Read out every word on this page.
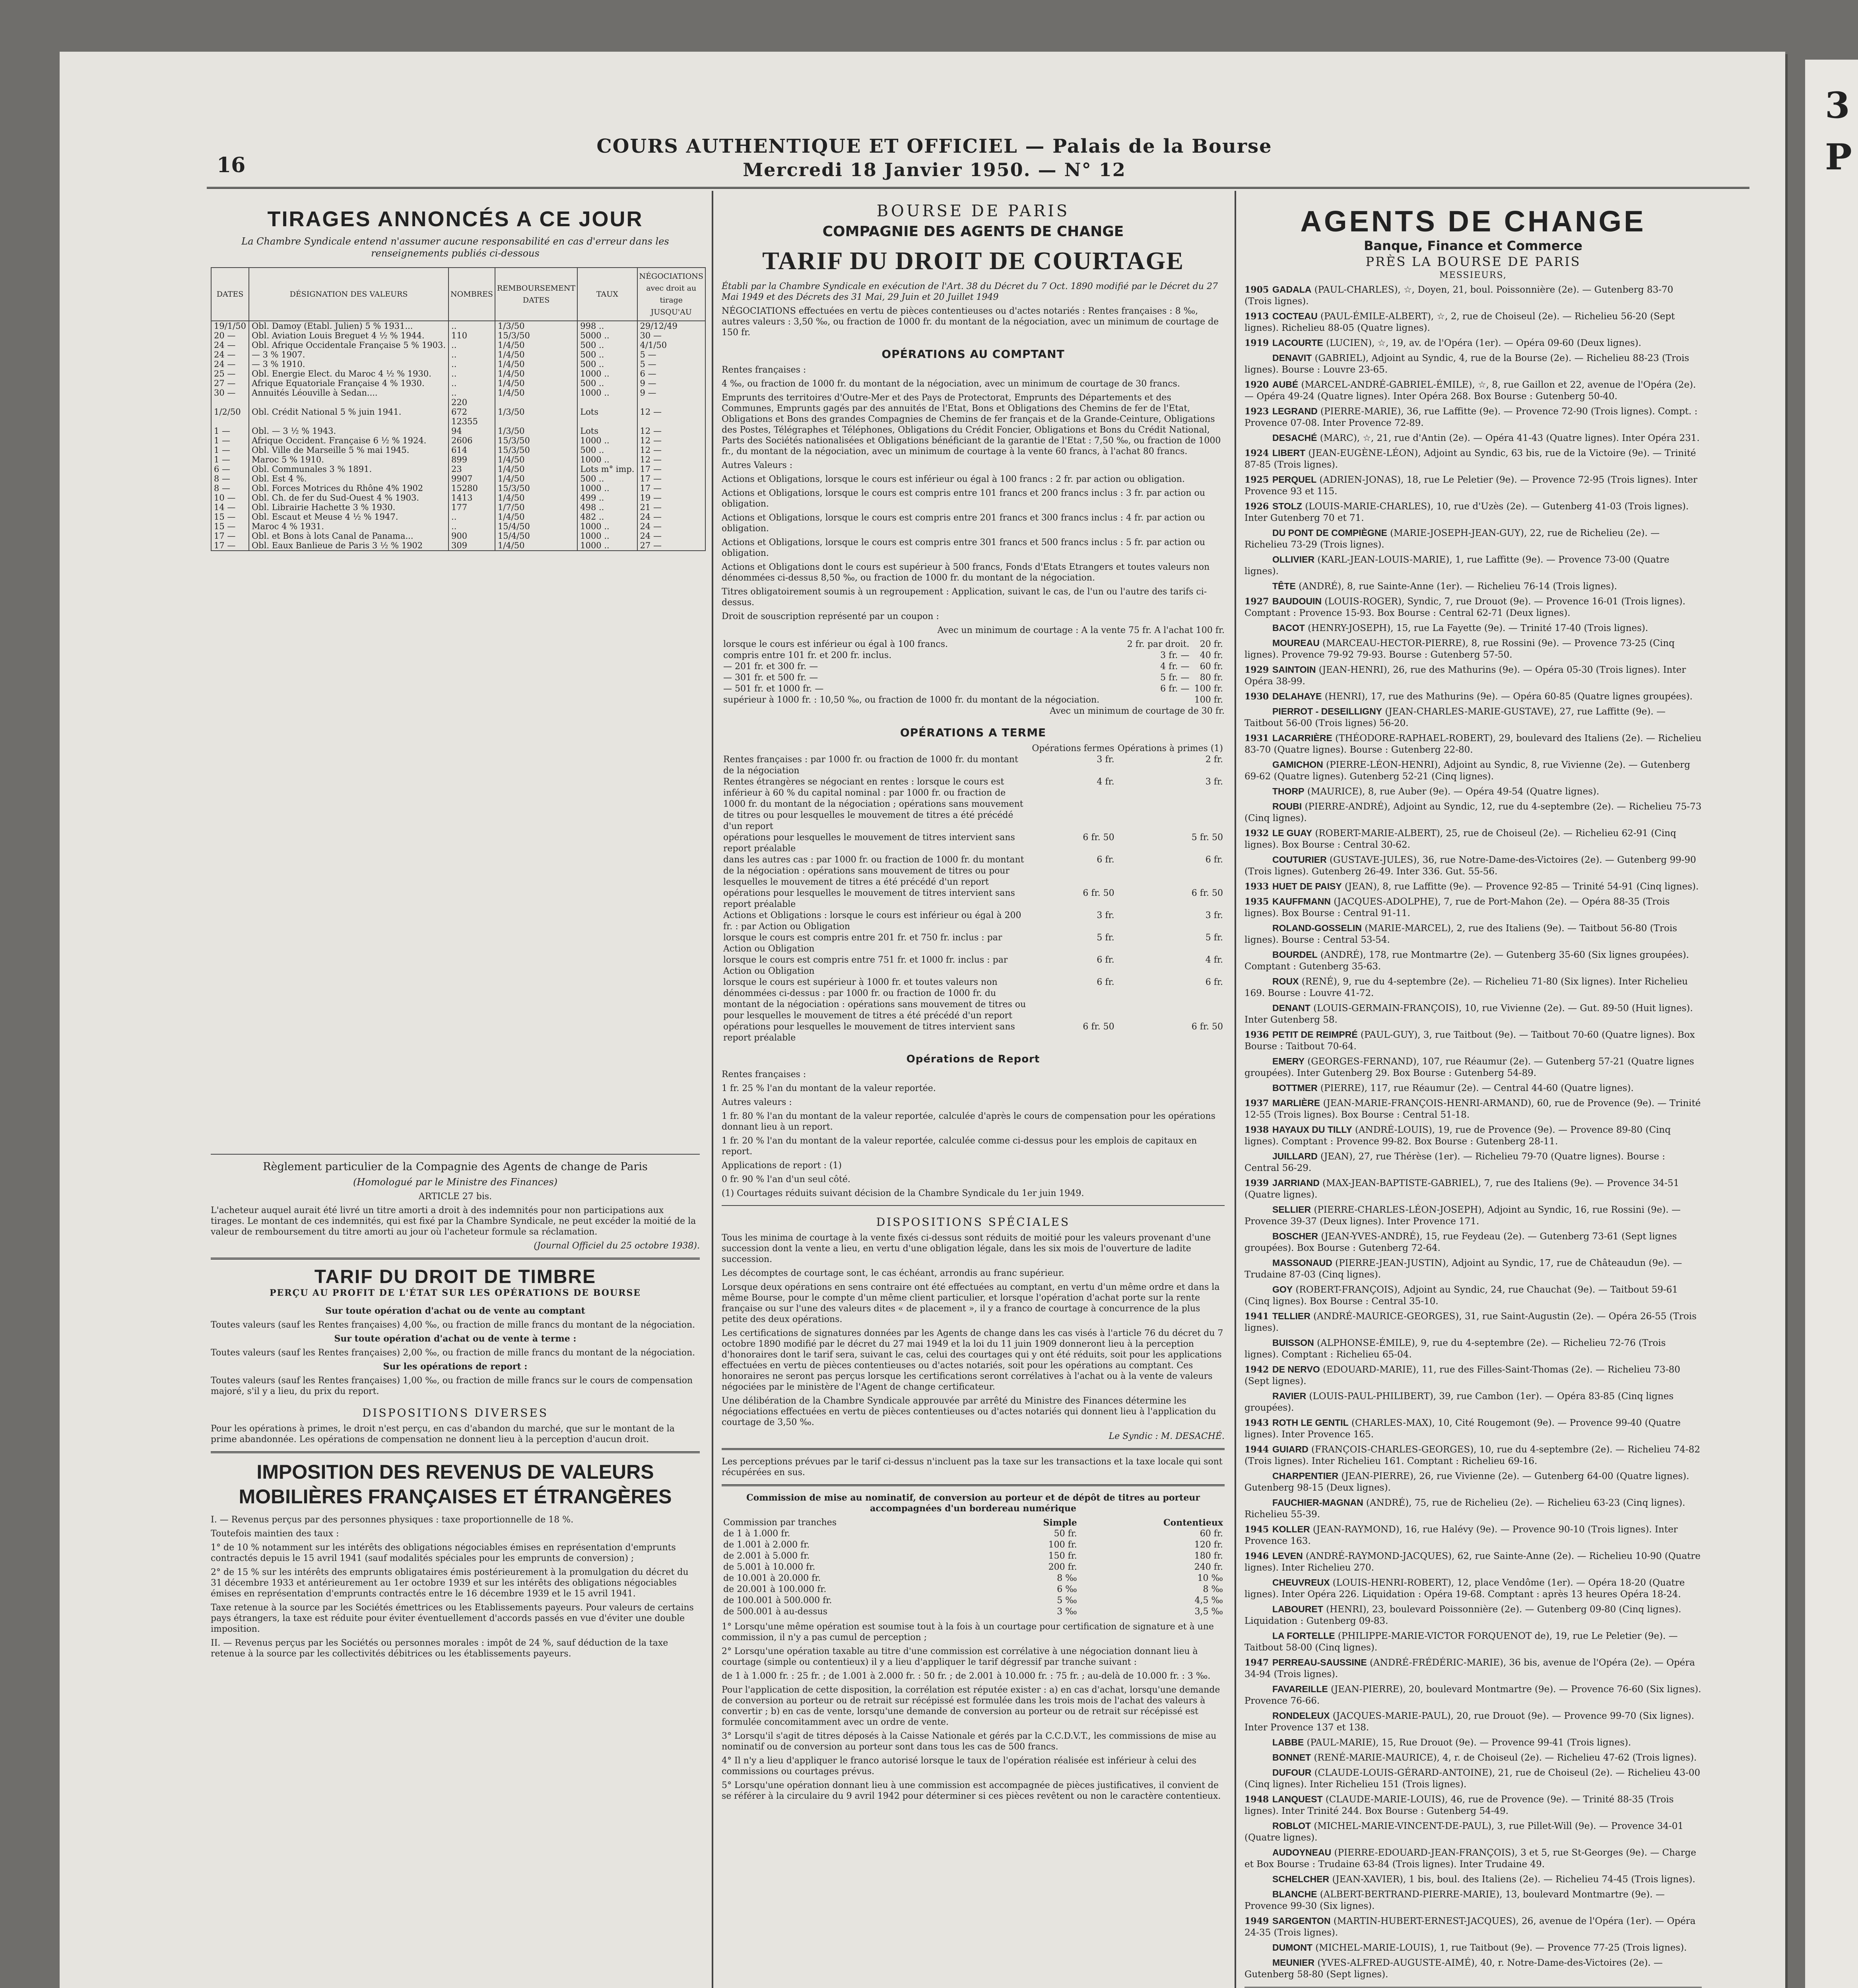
3 P
16
COURS AUTHENTIQUE ET OFFICIEL — Palais de la Bourse
Mercredi 18 Janvier 1950. — N° 12
TIRAGES ANNONCÉS A CE JOUR
La Chambre Syndicale entend n'assumer aucune responsabilité en cas d'erreur dans les renseignements publiés ci-dessous
DATES	DÉSIGNATION DES VALEURS	NOMBRES	REMBOURSEMENT DATES	TAUX	NÉGOCIATIONS avec droit au tirage JUSQU'AU
19/1/50	Obl. Damoy (Etabl. Julien) 5 % 1931...	..	1/3/50	998 ..	29/12/49
20 —	Obl. Aviation Louis Breguet 4 ½ % 1944.	110	15/3/50	5000 ..	30 —
24 —	Obl. Afrique Occidentale Française 5 % 1903.	..	1/4/50	500 ..	4/1/50
24 —	— 3 % 1907.	..	1/4/50	500 ..	5 —
24 —	— 3 % 1910.	..	1/4/50	500 ..	5 —
25 —	Obl. Energie Elect. du Maroc 4 ½ % 1930.	..	1/4/50	1000 ..	6 —
27 —	Afrique Equatoriale Française 4 % 1930.	..	1/4/50	500 ..	9 —
30 —	Annuités Léouville à Sedan....	..	1/4/50	1000 ..	9 —
		220			
1/2/50	Obl. Crédit National 5 % juin 1941.	672	1/3/50	Lots	12 —
		12355			
1 —	Obl. — 3 ½ % 1943.	94	1/3/50	Lots	12 —
1 —	Afrique Occident. Française 6 ½ % 1924.	2606	15/3/50	1000 ..	12 —
1 —	Obl. Ville de Marseille 5 % mai 1945.	614	15/3/50	500 ..	12 —
1 —	Maroc 5 % 1910.	899	1/4/50	1000 ..	12 —
6 —	Obl. Communales 3 % 1891.	23	1/4/50	Lots m° imp.	17 —
8 —	Obl. Est 4 %.	9907	1/4/50	500 ..	17 —
8 —	Obl. Forces Motrices du Rhône 4% 1902	15280	15/3/50	1000 ..	17 —
10 —	Obl. Ch. de fer du Sud-Ouest 4 % 1903.	1413	1/4/50	499 ..	19 —
14 —	Obl. Librairie Hachette 3 % 1930.	177	1/7/50	498 ..	21 —
15 —	Obl. Escaut et Meuse 4 ½ % 1947.	..	1/4/50	482 ..	24 —
15 —	Maroc 4 % 1931.	..	15/4/50	1000 ..	24 —
17 —	Obl. et Bons à lots Canal de Panama...	900	15/4/50	1000 ..	24 —
17 —	Obl. Eaux Banlieue de Paris 3 ½ % 1902	309	1/4/50	1000 ..	27 —

Règlement particulier de la Compagnie des Agents de change de Paris

(Homologué par le Ministre des Finances)

ARTICLE 27 bis.

L'acheteur auquel aurait été livré un titre amorti a droit à des indemnités pour non participations aux tirages. Le montant de ces indemnités, qui est fixé par la Chambre Syndicale, ne peut excéder la moitié de la valeur de remboursement du titre amorti au jour où l'acheteur formule sa réclamation.

(Journal Officiel du 25 octobre 1938).

TARIF DU DROIT DE TIMBRE
PERÇU AU PROFIT DE L'ÉTAT SUR LES OPÉRATIONS DE BOURSE

Sur toute opération d'achat ou de vente au comptant

Toutes valeurs (sauf les Rentes françaises) 4,00 ‰, ou fraction de mille francs du montant de la négociation.

Sur toute opération d'achat ou de vente à terme :

Toutes valeurs (sauf les Rentes françaises) 2,00 ‰, ou fraction de mille francs du montant de la négociation.

Sur les opérations de report :

Toutes valeurs (sauf les Rentes françaises) 1,00 ‰, ou fraction de mille francs sur le cours de compensation majoré, s'il y a lieu, du prix du report.

DISPOSITIONS DIVERSES

Pour les opérations à primes, le droit n'est perçu, en cas d'abandon du marché, que sur le montant de la prime abandonnée. Les opérations de compensation ne donnent lieu à la perception d'aucun droit.

IMPOSITION DES REVENUS DE VALEURS MOBILIÈRES FRANÇAISES ET ÉTRANGÈRES

I. — Revenus perçus par des personnes physiques : taxe proportionnelle de 18 %.

Toutefois maintien des taux :

1° de 10 % notamment sur les intérêts des obligations négociables émises en représentation d'emprunts contractés depuis le 15 avril 1941 (sauf modalités spéciales pour les emprunts de conversion) ;

2° de 15 % sur les intérêts des emprunts obligataires émis postérieurement à la promulgation du décret du 31 décembre 1933 et antérieurement au 1er octobre 1939 et sur les intérêts des obligations négociables émises en représentation d'emprunts contractés entre le 16 décembre 1939 et le 15 avril 1941.

Taxe retenue à la source par les Sociétés émettrices ou les Etablissements payeurs. Pour valeurs de certains pays étrangers, la taxe est réduite pour éviter éventuellement d'accords passés en vue d'éviter une double imposition.

II. — Revenus perçus par les Sociétés ou personnes morales : impôt de 24 %, sauf déduction de la taxe retenue à la source par les collectivités débitrices ou les établissements payeurs.

BOURSE DE PARIS
COMPAGNIE DES AGENTS DE CHANGE
TARIF DU DROIT DE COURTAGE

Établi par la Chambre Syndicale en exécution de l'Art. 38 du Décret du 7 Oct. 1890 modifié par le Décret du 27 Mai 1949 et des Décrets des 31 Mai, 29 Juin et 20 Juillet 1949

NÉGOCIATIONS effectuées en vertu de pièces contentieuses ou d'actes notariés : Rentes françaises : 8 ‰, autres valeurs : 3,50 ‰, ou fraction de 1000 fr. du montant de la négociation, avec un minimum de courtage de 150 fr.

OPÉRATIONS AU COMPTANT

Rentes françaises :

4 ‰, ou fraction de 1000 fr. du montant de la négociation, avec un minimum de courtage de 30 francs.

Emprunts des territoires d'Outre-Mer et des Pays de Protectorat, Emprunts des Départements et des Communes, Emprunts gagés par des annuités de l'Etat, Bons et Obligations des Chemins de fer de l'Etat, Obligations et Bons des grandes Compagnies de Chemins de fer français et de la Grande-Ceinture, Obligations des Postes, Télégraphes et Téléphones, Obligations du Crédit Foncier, Obligations et Bons du Crédit National, Parts des Sociétés nationalisées et Obligations bénéficiant de la garantie de l'Etat : 7,50 ‰, ou fraction de 1000 fr., du montant de la négociation, avec un minimum de courtage à la vente 60 francs, à l'achat 80 francs.

Autres Valeurs :

Actions et Obligations, lorsque le cours est inférieur ou égal à 100 francs : 2 fr. par action ou obligation.

Actions et Obligations, lorsque le cours est compris entre 101 francs et 200 francs inclus : 3 fr. par action ou obligation.

Actions et Obligations, lorsque le cours est compris entre 201 francs et 300 francs inclus : 4 fr. par action ou obligation.

Actions et Obligations, lorsque le cours est compris entre 301 francs et 500 francs inclus : 5 fr. par action ou obligation.

Actions et Obligations dont le cours est supérieur à 500 francs, Fonds d'Etats Etrangers et toutes valeurs non dénommées ci-dessus 8,50 ‰, ou fraction de 1000 fr. du montant de la négociation.

Titres obligatoirement soumis à un regroupement : Application, suivant le cas, de l'un ou l'autre des tarifs ci-dessus.

Droit de souscription représenté par un coupon :

Avec un minimum de courtage : A la vente 75 fr. A l'achat 100 fr.

lorsque le cours est inférieur ou égal à 100 francs.	2 fr. par droit.	20 fr.
compris entre 101 fr. et 200 fr. inclus.	3 fr. —	40 fr.
— 201 fr. et 300 fr. —	4 fr. —	60 fr.
— 301 fr. et 500 fr. —	5 fr. —	80 fr.
— 501 fr. et 1000 fr. —	6 fr. —	100 fr.
supérieur à 1000 fr. : 10,50 ‰, ou fraction de 1000 fr. du montant de la négociation.		100 fr.

Avec un minimum de courtage de 30 fr.

OPÉRATIONS A TERME
	Opérations fermes	Opérations à primes (1)
Rentes françaises : par 1000 fr. ou fraction de 1000 fr. du montant de la négociation	3 fr.	2 fr.
Rentes étrangères se négociant en rentes : lorsque le cours est inférieur à 60 % du capital nominal : par 1000 fr. ou fraction de 1000 fr. du montant de la négociation ; opérations sans mouvement de titres ou pour lesquelles le mouvement de titres a été précédé d'un report	4 fr.	3 fr.
opérations pour lesquelles le mouvement de titres intervient sans report préalable	6 fr. 50	5 fr. 50
dans les autres cas : par 1000 fr. ou fraction de 1000 fr. du montant de la négociation : opérations sans mouvement de titres ou pour lesquelles le mouvement de titres a été précédé d'un report	6 fr.	6 fr.
opérations pour lesquelles le mouvement de titres intervient sans report préalable	6 fr. 50	6 fr. 50
Actions et Obligations : lorsque le cours est inférieur ou égal à 200 fr. : par Action ou Obligation	3 fr.	3 fr.
lorsque le cours est compris entre 201 fr. et 750 fr. inclus : par Action ou Obligation	5 fr.	5 fr.
lorsque le cours est compris entre 751 fr. et 1000 fr. inclus : par Action ou Obligation	6 fr.	4 fr.
lorsque le cours est supérieur à 1000 fr. et toutes valeurs non dénommées ci-dessus : par 1000 fr. ou fraction de 1000 fr. du montant de la négociation : opérations sans mouvement de titres ou pour lesquelles le mouvement de titres a été précédé d'un report	6 fr.	6 fr.
opérations pour lesquelles le mouvement de titres intervient sans report préalable	6 fr. 50	6 fr. 50
Opérations de Report

Rentes françaises :

1 fr. 25 % l'an du montant de la valeur reportée.

Autres valeurs :

1 fr. 80 % l'an du montant de la valeur reportée, calculée d'après le cours de compensation pour les opérations donnant lieu à un report.

1 fr. 20 % l'an du montant de la valeur reportée, calculée comme ci-dessus pour les emplois de capitaux en report.

Applications de report : (1)

0 fr. 90 % l'an d'un seul côté.

(1) Courtages réduits suivant décision de la Chambre Syndicale du 1er juin 1949.

DISPOSITIONS SPÉCIALES

Tous les minima de courtage à la vente fixés ci-dessus sont réduits de moitié pour les valeurs provenant d'une succession dont la vente a lieu, en vertu d'une obligation légale, dans les six mois de l'ouverture de ladite succession.

Les décomptes de courtage sont, le cas échéant, arrondis au franc supérieur.

Lorsque deux opérations en sens contraire ont été effectuées au comptant, en vertu d'un même ordre et dans la même Bourse, pour le compte d'un même client particulier, et lorsque l'opération d'achat porte sur la rente française ou sur l'une des valeurs dites « de placement », il y a franco de courtage à concurrence de la plus petite des deux opérations.

Les certifications de signatures données par les Agents de change dans les cas visés à l'article 76 du décret du 7 octobre 1890 modifié par le décret du 27 mai 1949 et la loi du 11 juin 1909 donneront lieu à la perception d'honoraires dont le tarif sera, suivant le cas, celui des courtages qui y ont été réduits, soit pour les applications effectuées en vertu de pièces contentieuses ou d'actes notariés, soit pour les opérations au comptant. Ces honoraires ne seront pas perçus lorsque les certifications seront corrélatives à l'achat ou à la vente de valeurs négociées par le ministère de l'Agent de change certificateur.

Une délibération de la Chambre Syndicale approuvée par arrêté du Ministre des Finances détermine les négociations effectuées en vertu de pièces contentieuses ou d'actes notariés qui donnent lieu à l'application du courtage de 3,50 ‰.

Le Syndic : M. DESACHÉ.

Les perceptions prévues par le tarif ci-dessus n'incluent pas la taxe sur les transactions et la taxe locale qui sont récupérées en sus.

Commission de mise au nominatif, de conversion au porteur et de dépôt de titres au porteur accompagnées d'un bordereau numérique

Commission par tranches	Simple	Contentieux
de 1 à 1.000 fr.	50 fr.	60 fr.
de 1.001 à 2.000 fr.	100 fr.	120 fr.
de 2.001 à 5.000 fr.	150 fr.	180 fr.
de 5.001 à 10.000 fr.	200 fr.	240 fr.
de 10.001 à 20.000 fr.	8 ‰	10 ‰
de 20.001 à 100.000 fr.	6 ‰	8 ‰
de 100.001 à 500.000 fr.	5 ‰	4,5 ‰
de 500.001 à au-dessus	3 ‰	3,5 ‰

1° Lorsqu'une même opération est soumise tout à la fois à un courtage pour certification de signature et à une commission, il n'y a pas cumul de perception ;

2° Lorsqu'une opération taxable au titre d'une commission est corrélative à une négociation donnant lieu à courtage (simple ou contentieux) il y a lieu d'appliquer le tarif dégressif par tranche suivant :

de 1 à 1.000 fr. : 25 fr. ; de 1.001 à 2.000 fr. : 50 fr. ; de 2.001 à 10.000 fr. : 75 fr. ; au-delà de 10.000 fr. : 3 ‰.

Pour l'application de cette disposition, la corrélation est réputée exister : a) en cas d'achat, lorsqu'une demande de conversion au porteur ou de retrait sur récépissé est formulée dans les trois mois de l'achat des valeurs à convertir ; b) en cas de vente, lorsqu'une demande de conversion au porteur ou de retrait sur récépissé est formulée concomitamment avec un ordre de vente.

3° Lorsqu'il s'agit de titres déposés à la Caisse Nationale et gérés par la C.C.D.V.T., les commissions de mise au nominatif ou de conversion au porteur sont dans tous les cas de 500 francs.

4° Il n'y a lieu d'appliquer le franco autorisé lorsque le taux de l'opération réalisée est inférieur à celui des commissions ou courtages prévus.

5° Lorsqu'une opération donnant lieu à une commission est accompagnée de pièces justificatives, il convient de se référer à la circulaire du 9 avril 1942 pour déterminer si ces pièces revêtent ou non le caractère contentieux.

AGENTS DE CHANGE
Banque, Finance et Commerce
PRÈS LA BOURSE DE PARIS
MESSIEURS,

1905 GADALA (PAUL-CHARLES), ☆, Doyen, 21, boul. Poissonnière (2e). — Gutenberg 83-70 (Trois lignes).

1913 COCTEAU (PAUL-ÉMILE-ALBERT), ☆, 2, rue de Choiseul (2e). — Richelieu 56-20 (Sept lignes). Richelieu 88-05 (Quatre lignes).

1919 LACOURTE (LUCIEN), ☆, 19, av. de l'Opéra (1er). — Opéra 09-60 (Deux lignes).

DENAVIT (GABRIEL), Adjoint au Syndic, 4, rue de la Bourse (2e). — Richelieu 88-23 (Trois lignes). Bourse : Louvre 23-65.

1920 AUBÉ (MARCEL-ANDRÉ-GABRIEL-ÉMILE), ☆, 8, rue Gaillon et 22, avenue de l'Opéra (2e). — Opéra 49-24 (Quatre lignes). Inter Opéra 268. Box Bourse : Gutenberg 50-40.

1923 LEGRAND (PIERRE-MARIE), 36, rue Laffitte (9e). — Provence 72-90 (Trois lignes). Compt. : Provence 07-08. Inter Provence 72-89.

DESACHÉ (MARC), ☆, 21, rue d'Antin (2e). — Opéra 41-43 (Quatre lignes). Inter Opéra 231.

1924 LIBERT (JEAN-EUGÈNE-LÉON), Adjoint au Syndic, 63 bis, rue de la Victoire (9e). — Trinité 87-85 (Trois lignes).

1925 PERQUEL (ADRIEN-JONAS), 18, rue Le Peletier (9e). — Provence 72-95 (Trois lignes). Inter Provence 93 et 115.

1926 STOLZ (LOUIS-MARIE-CHARLES), 10, rue d'Uzès (2e). — Gutenberg 41-03 (Trois lignes). Inter Gutenberg 70 et 71.

DU PONT DE COMPIÈGNE (MARIE-JOSEPH-JEAN-GUY), 22, rue de Richelieu (2e). — Richelieu 73-29 (Trois lignes).

OLLIVIER (KARL-JEAN-LOUIS-MARIE), 1, rue Laffitte (9e). — Provence 73-00 (Quatre lignes).

TÊTE (ANDRÉ), 8, rue Sainte-Anne (1er). — Richelieu 76-14 (Trois lignes).

1927 BAUDOUIN (LOUIS-ROGER), Syndic, 7, rue Drouot (9e). — Provence 16-01 (Trois lignes). Comptant : Provence 15-93. Box Bourse : Central 62-71 (Deux lignes).

BACOT (HENRY-JOSEPH), 15, rue La Fayette (9e). — Trinité 17-40 (Trois lignes).

MOUREAU (MARCEAU-HECTOR-PIERRE), 8, rue Rossini (9e). — Provence 73-25 (Cinq lignes). Provence 79-92 79-93. Bourse : Gutenberg 57-50.

1929 SAINTOIN (JEAN-HENRI), 26, rue des Mathurins (9e). — Opéra 05-30 (Trois lignes). Inter Opéra 38-99.

1930 DELAHAYE (HENRI), 17, rue des Mathurins (9e). — Opéra 60-85 (Quatre lignes groupées).

PIERROT - DESEILLIGNY (JEAN-CHARLES-MARIE-GUSTAVE), 27, rue Laffitte (9e). — Taitbout 56-00 (Trois lignes) 56-20.

1931 LACARRIÈRE (THÉODORE-RAPHAEL-ROBERT), 29, boulevard des Italiens (2e). — Richelieu 83-70 (Quatre lignes). Bourse : Gutenberg 22-80.

GAMICHON (PIERRE-LÉON-HENRI), Adjoint au Syndic, 8, rue Vivienne (2e). — Gutenberg 69-62 (Quatre lignes). Gutenberg 52-21 (Cinq lignes).

THORP (MAURICE), 8, rue Auber (9e). — Opéra 49-54 (Quatre lignes).

ROUBI (PIERRE-ANDRÉ), Adjoint au Syndic, 12, rue du 4-septembre (2e). — Richelieu 75-73 (Cinq lignes).

1932 LE GUAY (ROBERT-MARIE-ALBERT), 25, rue de Choiseul (2e). — Richelieu 62-91 (Cinq lignes). Box Bourse : Central 30-62.

COUTURIER (GUSTAVE-JULES), 36, rue Notre-Dame-des-Victoires (2e). — Gutenberg 99-90 (Trois lignes). Gutenberg 26-49. Inter 336. Gut. 55-56.

1933 HUET DE PAISY (JEAN), 8, rue Laffitte (9e). — Provence 92-85 — Trinité 54-91 (Cinq lignes).

1935 KAUFFMANN (JACQUES-ADOLPHE), 7, rue de Port-Mahon (2e). — Opéra 88-35 (Trois lignes). Box Bourse : Central 91-11.

ROLAND-GOSSELIN (MARIE-MARCEL), 2, rue des Italiens (9e). — Taitbout 56-80 (Trois lignes). Bourse : Central 53-54.

BOURDEL (ANDRÉ), 178, rue Montmartre (2e). — Gutenberg 35-60 (Six lignes groupées). Comptant : Gutenberg 35-63.

ROUX (RENÉ), 9, rue du 4-septembre (2e). — Richelieu 71-80 (Six lignes). Inter Richelieu 169. Bourse : Louvre 41-72.

DENANT (LOUIS-GERMAIN-FRANÇOIS), 10, rue Vivienne (2e). — Gut. 89-50 (Huit lignes). Inter Gutenberg 58.

1936 PETIT DE REIMPRÉ (PAUL-GUY), 3, rue Taitbout (9e). — Taitbout 70-60 (Quatre lignes). Box Bourse : Taitbout 70-64.

EMERY (GEORGES-FERNAND), 107, rue Réaumur (2e). — Gutenberg 57-21 (Quatre lignes groupées). Inter Gutenberg 29. Box Bourse : Gutenberg 54-89.

BOTTMER (PIERRE), 117, rue Réaumur (2e). — Central 44-60 (Quatre lignes).

1937 MARLIÈRE (JEAN-MARIE-FRANÇOIS-HENRI-ARMAND), 60, rue de Provence (9e). — Trinité 12-55 (Trois lignes). Box Bourse : Central 51-18.

1938 HAYAUX DU TILLY (ANDRÉ-LOUIS), 19, rue de Provence (9e). — Provence 89-80 (Cinq lignes). Comptant : Provence 99-82. Box Bourse : Gutenberg 28-11.

JUILLARD (JEAN), 27, rue Thérèse (1er). — Richelieu 79-70 (Quatre lignes). Bourse : Central 56-29.

1939 JARRIAND (MAX-JEAN-BAPTISTE-GABRIEL), 7, rue des Italiens (9e). — Provence 34-51 (Quatre lignes).

SELLIER (PIERRE-CHARLES-LÉON-JOSEPH), Adjoint au Syndic, 16, rue Rossini (9e). — Provence 39-37 (Deux lignes). Inter Provence 171.

BOSCHER (JEAN-YVES-ANDRÉ), 15, rue Feydeau (2e). — Gutenberg 73-61 (Sept lignes groupées). Box Bourse : Gutenberg 72-64.

MASSONAUD (PIERRE-JEAN-JUSTIN), Adjoint au Syndic, 17, rue de Châteaudun (9e). — Trudaine 87-03 (Cinq lignes).

GOY (ROBERT-FRANÇOIS), Adjoint au Syndic, 24, rue Chauchat (9e). — Taitbout 59-61 (Cinq lignes). Box Bourse : Central 35-10.

1941 TELLIER (ANDRÉ-MAURICE-GEORGES), 31, rue Saint-Augustin (2e). — Opéra 26-55 (Trois lignes).

BUISSON (ALPHONSE-ÉMILE), 9, rue du 4-septembre (2e). — Richelieu 72-76 (Trois lignes). Comptant : Richelieu 65-04.

1942 DE NERVO (EDOUARD-MARIE), 11, rue des Filles-Saint-Thomas (2e). — Richelieu 73-80 (Sept lignes).

RAVIER (LOUIS-PAUL-PHILIBERT), 39, rue Cambon (1er). — Opéra 83-85 (Cinq lignes groupées).

1943 ROTH LE GENTIL (CHARLES-MAX), 10, Cité Rougemont (9e). — Provence 99-40 (Quatre lignes). Inter Provence 165.

1944 GUIARD (FRANÇOIS-CHARLES-GEORGES), 10, rue du 4-septembre (2e). — Richelieu 74-82 (Trois lignes). Inter Richelieu 161. Comptant : Richelieu 69-16.

CHARPENTIER (JEAN-PIERRE), 26, rue Vivienne (2e). — Gutenberg 64-00 (Quatre lignes). Gutenberg 98-15 (Deux lignes).

FAUCHIER-MAGNAN (ANDRÉ), 75, rue de Richelieu (2e). — Richelieu 63-23 (Cinq lignes). Richelieu 55-39.

1945 KOLLER (JEAN-RAYMOND), 16, rue Halévy (9e). — Provence 90-10 (Trois lignes). Inter Provence 163.

1946 LEVEN (ANDRÉ-RAYMOND-JACQUES), 62, rue Sainte-Anne (2e). — Richelieu 10-90 (Quatre lignes). Inter Richelieu 270.

CHEUVREUX (LOUIS-HENRI-ROBERT), 12, place Vendôme (1er). — Opéra 18-20 (Quatre lignes). Inter Opéra 226. Liquidation : Opéra 19-68. Comptant : après 13 heures Opéra 18-24.

LABOURET (HENRI), 23, boulevard Poissonnière (2e). — Gutenberg 09-80 (Cinq lignes). Liquidation : Gutenberg 09-83.

LA FORTELLE (PHILIPPE-MARIE-VICTOR FORQUENOT de), 19, rue Le Peletier (9e). — Taitbout 58-00 (Cinq lignes).

1947 PERREAU-SAUSSINE (ANDRÉ-FRÉDÉRIC-MARIE), 36 bis, avenue de l'Opéra (2e). — Opéra 34-94 (Trois lignes).

FAVAREILLE (JEAN-PIERRE), 20, boulevard Montmartre (9e). — Provence 76-60 (Six lignes). Provence 76-66.

RONDELEUX (JACQUES-MARIE-PAUL), 20, rue Drouot (9e). — Provence 99-70 (Six lignes). Inter Provence 137 et 138.

LABBE (PAUL-MARIE), 15, Rue Drouot (9e). — Provence 99-41 (Trois lignes).

BONNET (RENÉ-MARIE-MAURICE), 4, r. de Choiseul (2e). — Richelieu 47-62 (Trois lignes).

DUFOUR (CLAUDE-LOUIS-GÉRARD-ANTOINE), 21, rue de Choiseul (2e). — Richelieu 43-00 (Cinq lignes). Inter Richelieu 151 (Trois lignes).

1948 LANQUEST (CLAUDE-MARIE-LOUIS), 46, rue de Provence (9e). — Trinité 88-35 (Trois lignes). Inter Trinité 244. Box Bourse : Gutenberg 54-49.

ROBLOT (MICHEL-MARIE-VINCENT-DE-PAUL), 3, rue Pillet-Will (9e). — Provence 34-01 (Quatre lignes).

AUDOYNEAU (PIERRE-EDOUARD-JEAN-FRANÇOIS), 3 et 5, rue St-Georges (9e). — Charge et Box Bourse : Trudaine 63-84 (Trois lignes). Inter Trudaine 49.

SCHELCHER (JEAN-XAVIER), 1 bis, boul. des Italiens (2e). — Richelieu 74-45 (Trois lignes).

BLANCHE (ALBERT-BERTRAND-PIERRE-MARIE), 13, boulevard Montmartre (9e). — Provence 99-30 (Six lignes).

1949 SARGENTON (MARTIN-HUBERT-ERNEST-JACQUES), 26, avenue de l'Opéra (1er). — Opéra 24-35 (Trois lignes).

DUMONT (MICHEL-MARIE-LOUIS), 1, rue Taitbout (9e). — Provence 77-25 (Trois lignes).

MEUNIER (YVES-ALFRED-AUGUSTE-AIMÉ), 40, r. Notre-Dame-des-Victoires (2e). — Gutenberg 58-80 (Sept lignes).
